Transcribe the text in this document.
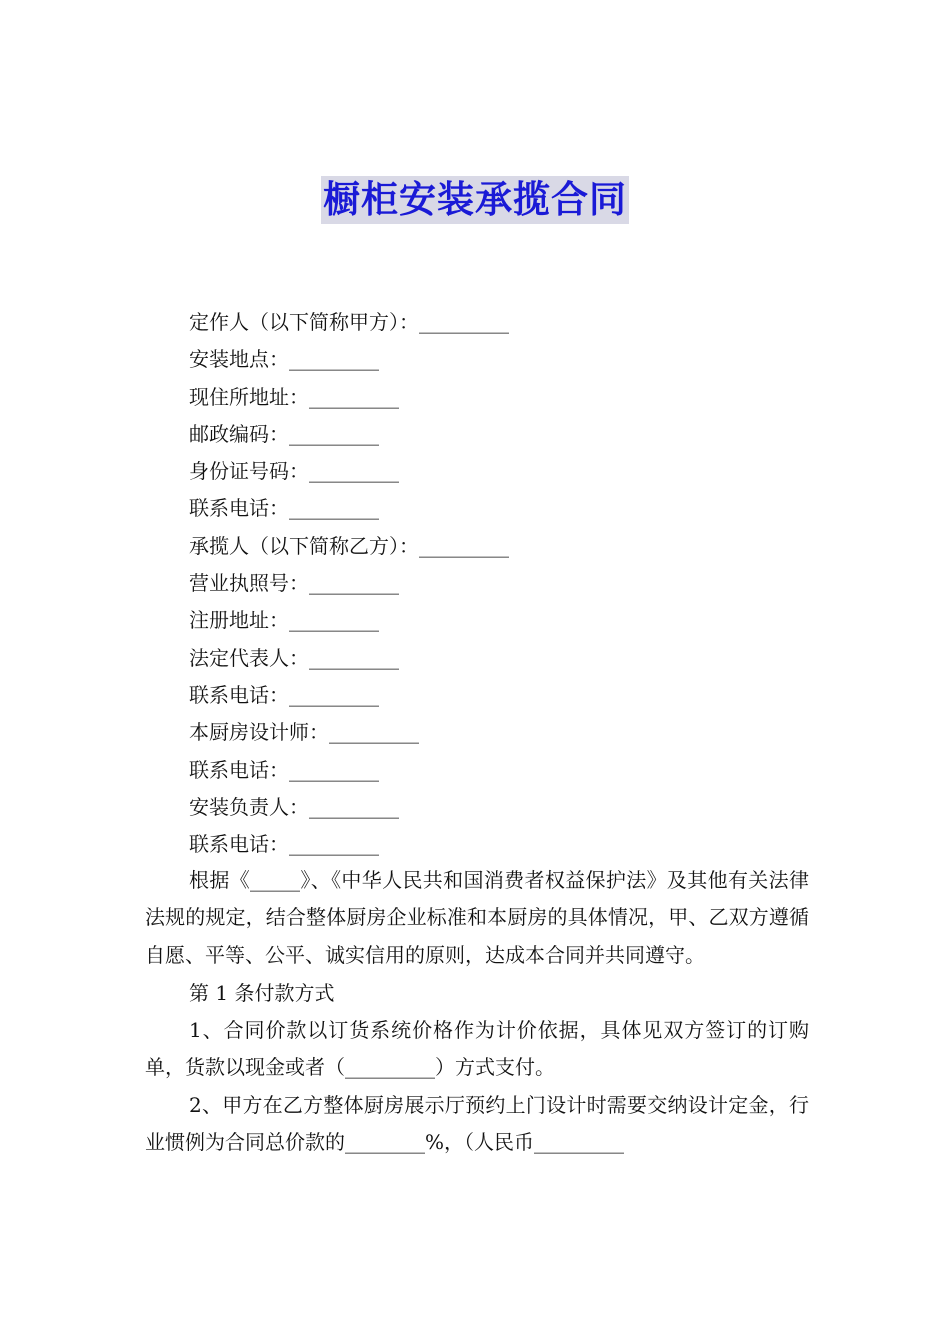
橱柜安装承揽合同
定作人（以下简称甲方）：_________
安装地点：_________
现住所地址：_________
邮政编码：_________
身份证号码：_________
联系电话：_________
承揽人（以下简称乙方）：_________
营业执照号：_________
注册地址：_________
法定代表人：_________
联系电话：_________
本厨房设计师：_________
联系电话：_________
安装负责人：_________
联系电话：_________

根据《_____》、《中华人民共和国消费者权益保护法》及其他有关法律法规的规定，结合整体厨房企业标准和本厨房的具体情况，甲、乙双方遵循自愿、平等、公平、诚实信用的原则，达成本合同并共同遵守。

第 1 条付款方式

1、合同价款以订货系统价格作为计价依据，具体见双方签订的订购单，货款以现金或者（_________）方式支付。

2、甲方在乙方整体厨房展示厅预约上门设计时需要交纳设计定金，行业惯例为合同总价款的________%，（人民币_________
